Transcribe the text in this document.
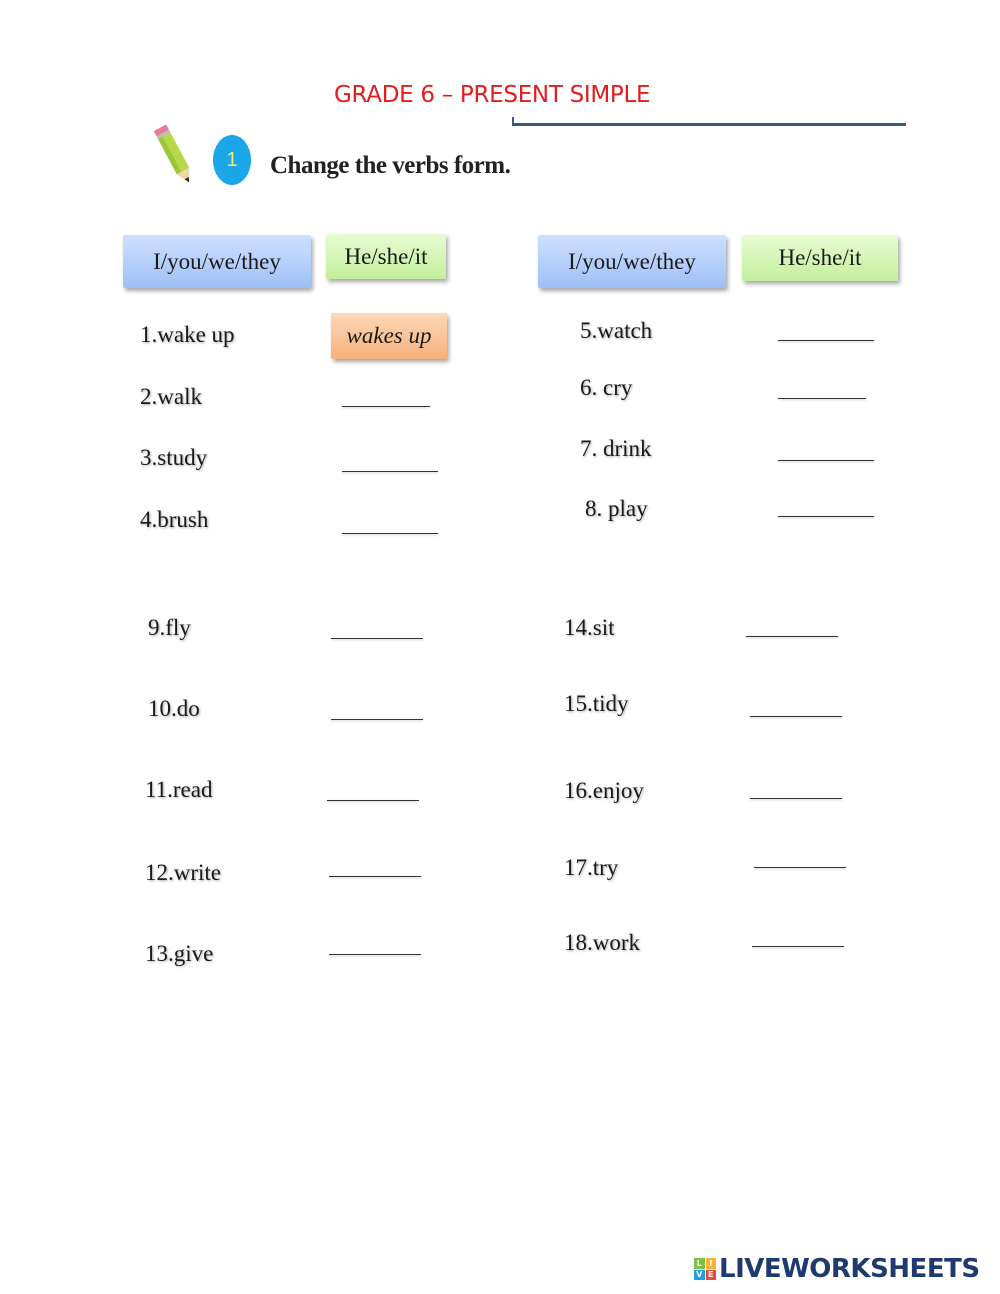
GRADE 6 – PRESENT SIMPLE
1	Change the verbs form.
I/you/we/they	He/she/it	I/you/we/they	He/she/it
1.wake up	wakes up
2.walk
3.study
4.brush
5.watch
6. cry
7. drink
8. play
9.fly
10.do
11.read
12.write
13.give
14.sit
15.tidy
16.enjoy
17.try
18.work
L I
V E LIVEWORKSHEETS
